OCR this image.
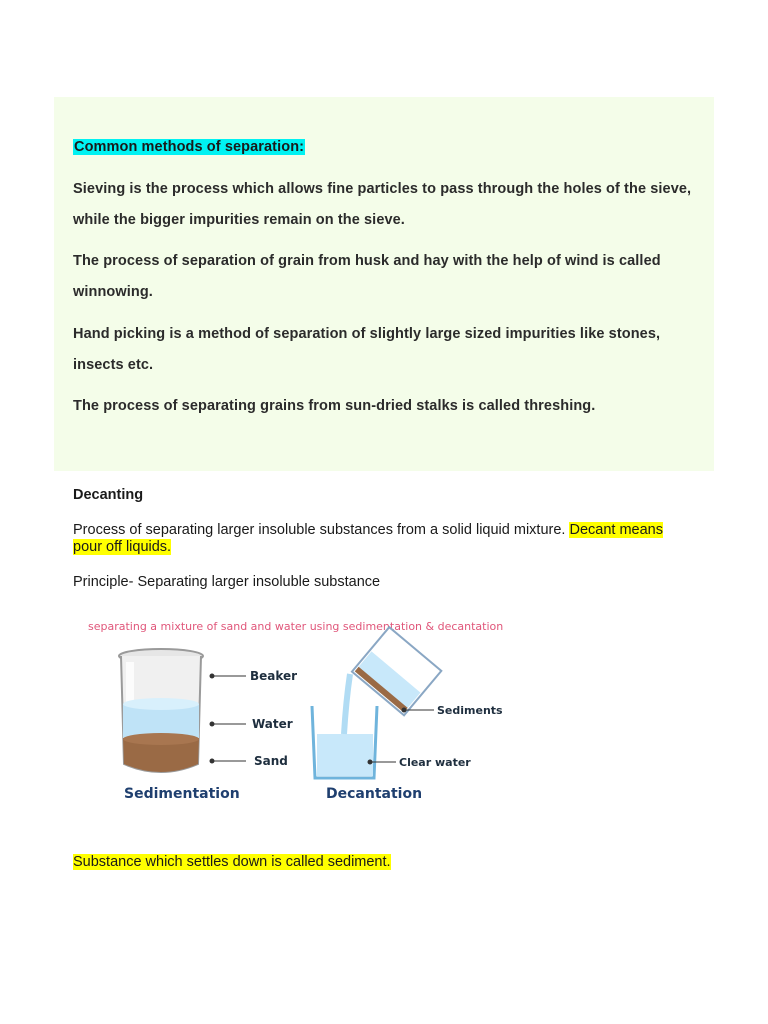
Common methods of separation:
Sieving is the process which allows fine particles to pass through the holes of the sieve, while the bigger impurities remain on the sieve.
The process of separation of grain from husk and hay with the help of wind is called winnowing.
Hand picking is a method of separation of slightly large sized impurities like stones, insects etc.
The process of separating grains from sun-dried stalks is called threshing.
Decanting
Process of separating larger insoluble substances from a solid liquid mixture. Decant means pour off liquids.
Principle- Separating larger insoluble substance
separating a mixture of sand and water using sedimentation & decantation
Beaker
Water
Sand
Sedimentation
Sediments
Clear water
Decantation
Substance which settles down is called sediment.
